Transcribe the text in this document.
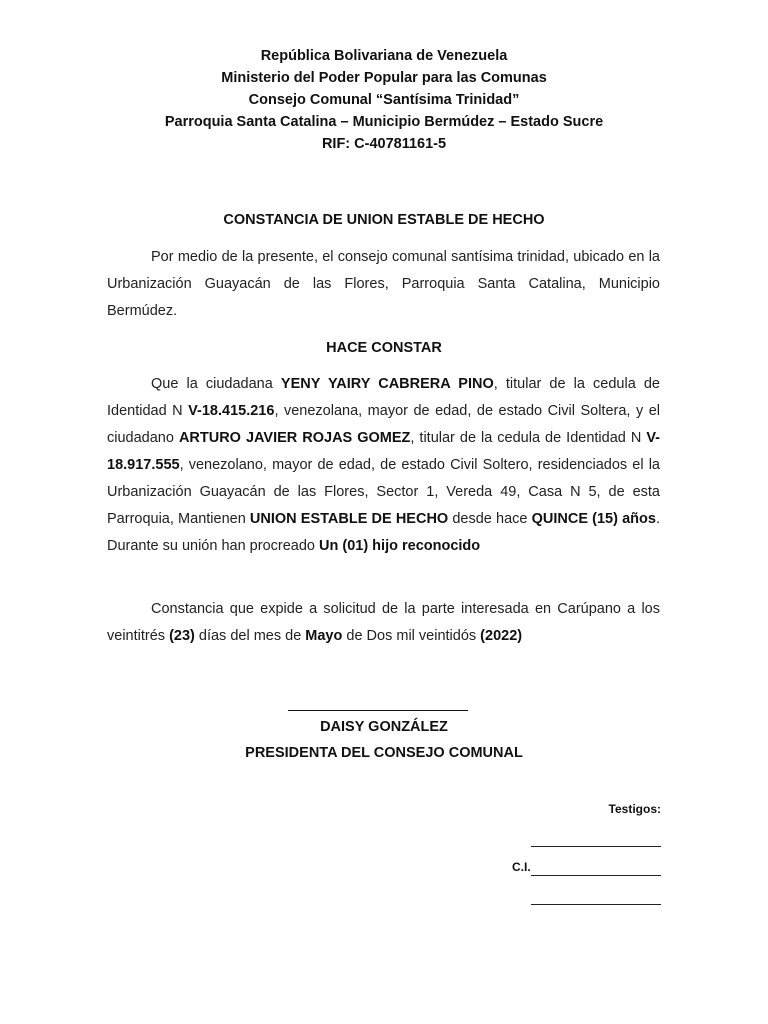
República Bolivariana de Venezuela
Ministerio del Poder Popular para las Comunas
Consejo Comunal “Santísima Trinidad”
Parroquia Santa Catalina – Municipio Bermúdez – Estado Sucre
RIF: C-40781161-5
CONSTANCIA DE UNION ESTABLE DE HECHO
Por medio de la presente, el consejo comunal santísima trinidad, ubicado en la Urbanización Guayacán de las Flores, Parroquia Santa Catalina, Municipio Bermúdez.
HACE CONSTAR
Que la ciudadana YENY YAIRY CABRERA PINO, titular de la cedula de Identidad N V-18.415.216, venezolana, mayor de edad, de estado Civil Soltera, y el ciudadano ARTURO JAVIER ROJAS GOMEZ, titular de la cedula de Identidad N V-18.917.555, venezolano, mayor de edad, de estado Civil Soltero, residenciados el la Urbanización Guayacán de las Flores, Sector 1, Vereda 49, Casa N 5, de esta Parroquia, Mantienen UNION ESTABLE DE HECHO desde hace QUINCE (15) años. Durante su unión han procreado Un (01) hijo reconocido
Constancia que expide a solicitud de la parte interesada en Carúpano a los veintitrés (23) días del mes de Mayo de Dos mil veintidós (2022)
DAISY GONZÁLEZ
PRESIDENTA DEL CONSEJO COMUNAL
Testigos:
C.I.
